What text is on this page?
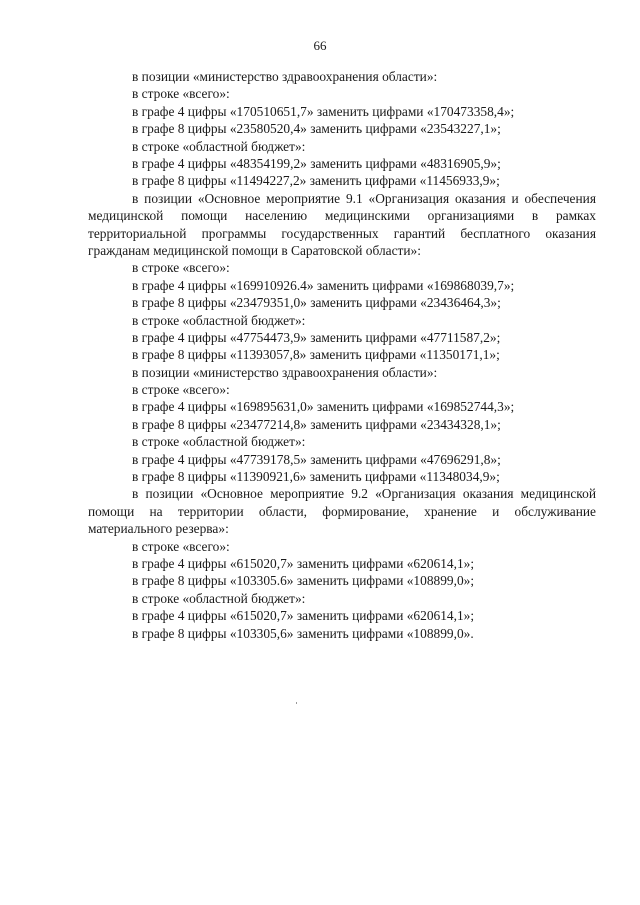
66
в позиции «министерство здравоохранения области»:
в строке «всего»:
в графе 4 цифры «170510651,7» заменить цифрами «170473358,4»;
в графе 8 цифры «23580520,4» заменить цифрами «23543227,1»;
в строке «областной бюджет»:
в графе 4 цифры «48354199,2» заменить цифрами «48316905,9»;
в графе 8 цифры «11494227,2» заменить цифрами «11456933,9»;
в позиции «Основное мероприятие 9.1 «Организация оказания и обеспечения медицинской помощи населению медицинскими организациями в рамках территориальной программы государственных гарантий бесплатного оказания гражданам медицинской помощи в Саратовской области»:
в строке «всего»:
в графе 4 цифры «169910926.4» заменить цифрами «169868039,7»;
в графе 8 цифры «23479351,0» заменить цифрами «23436464,3»;
в строке «областной бюджет»:
в графе 4 цифры «47754473,9» заменить цифрами «47711587,2»;
в графе 8 цифры «11393057,8» заменить цифрами «11350171,1»;
в позиции «министерство здравоохранения области»:
в строке «всего»:
в графе 4 цифры «169895631,0» заменить цифрами «169852744,3»;
в графе 8 цифры «23477214,8» заменить цифрами «23434328,1»;
в строке «областной бюджет»:
в графе 4 цифры «47739178,5» заменить цифрами «47696291,8»;
в графе 8 цифры «11390921,6» заменить цифрами «11348034,9»;
в позиции «Основное мероприятие 9.2 «Организация оказания медицинской помощи на территории области, формирование, хранение и обслуживание материального резерва»:
в строке «всего»:
в графе 4 цифры «615020,7» заменить цифрами «620614,1»;
в графе 8 цифры «103305.6» заменить цифрами «108899,0»;
в строке «областной бюджет»:
в графе 4 цифры «615020,7» заменить цифрами «620614,1»;
в графе 8 цифры «103305,6» заменить цифрами «108899,0».
